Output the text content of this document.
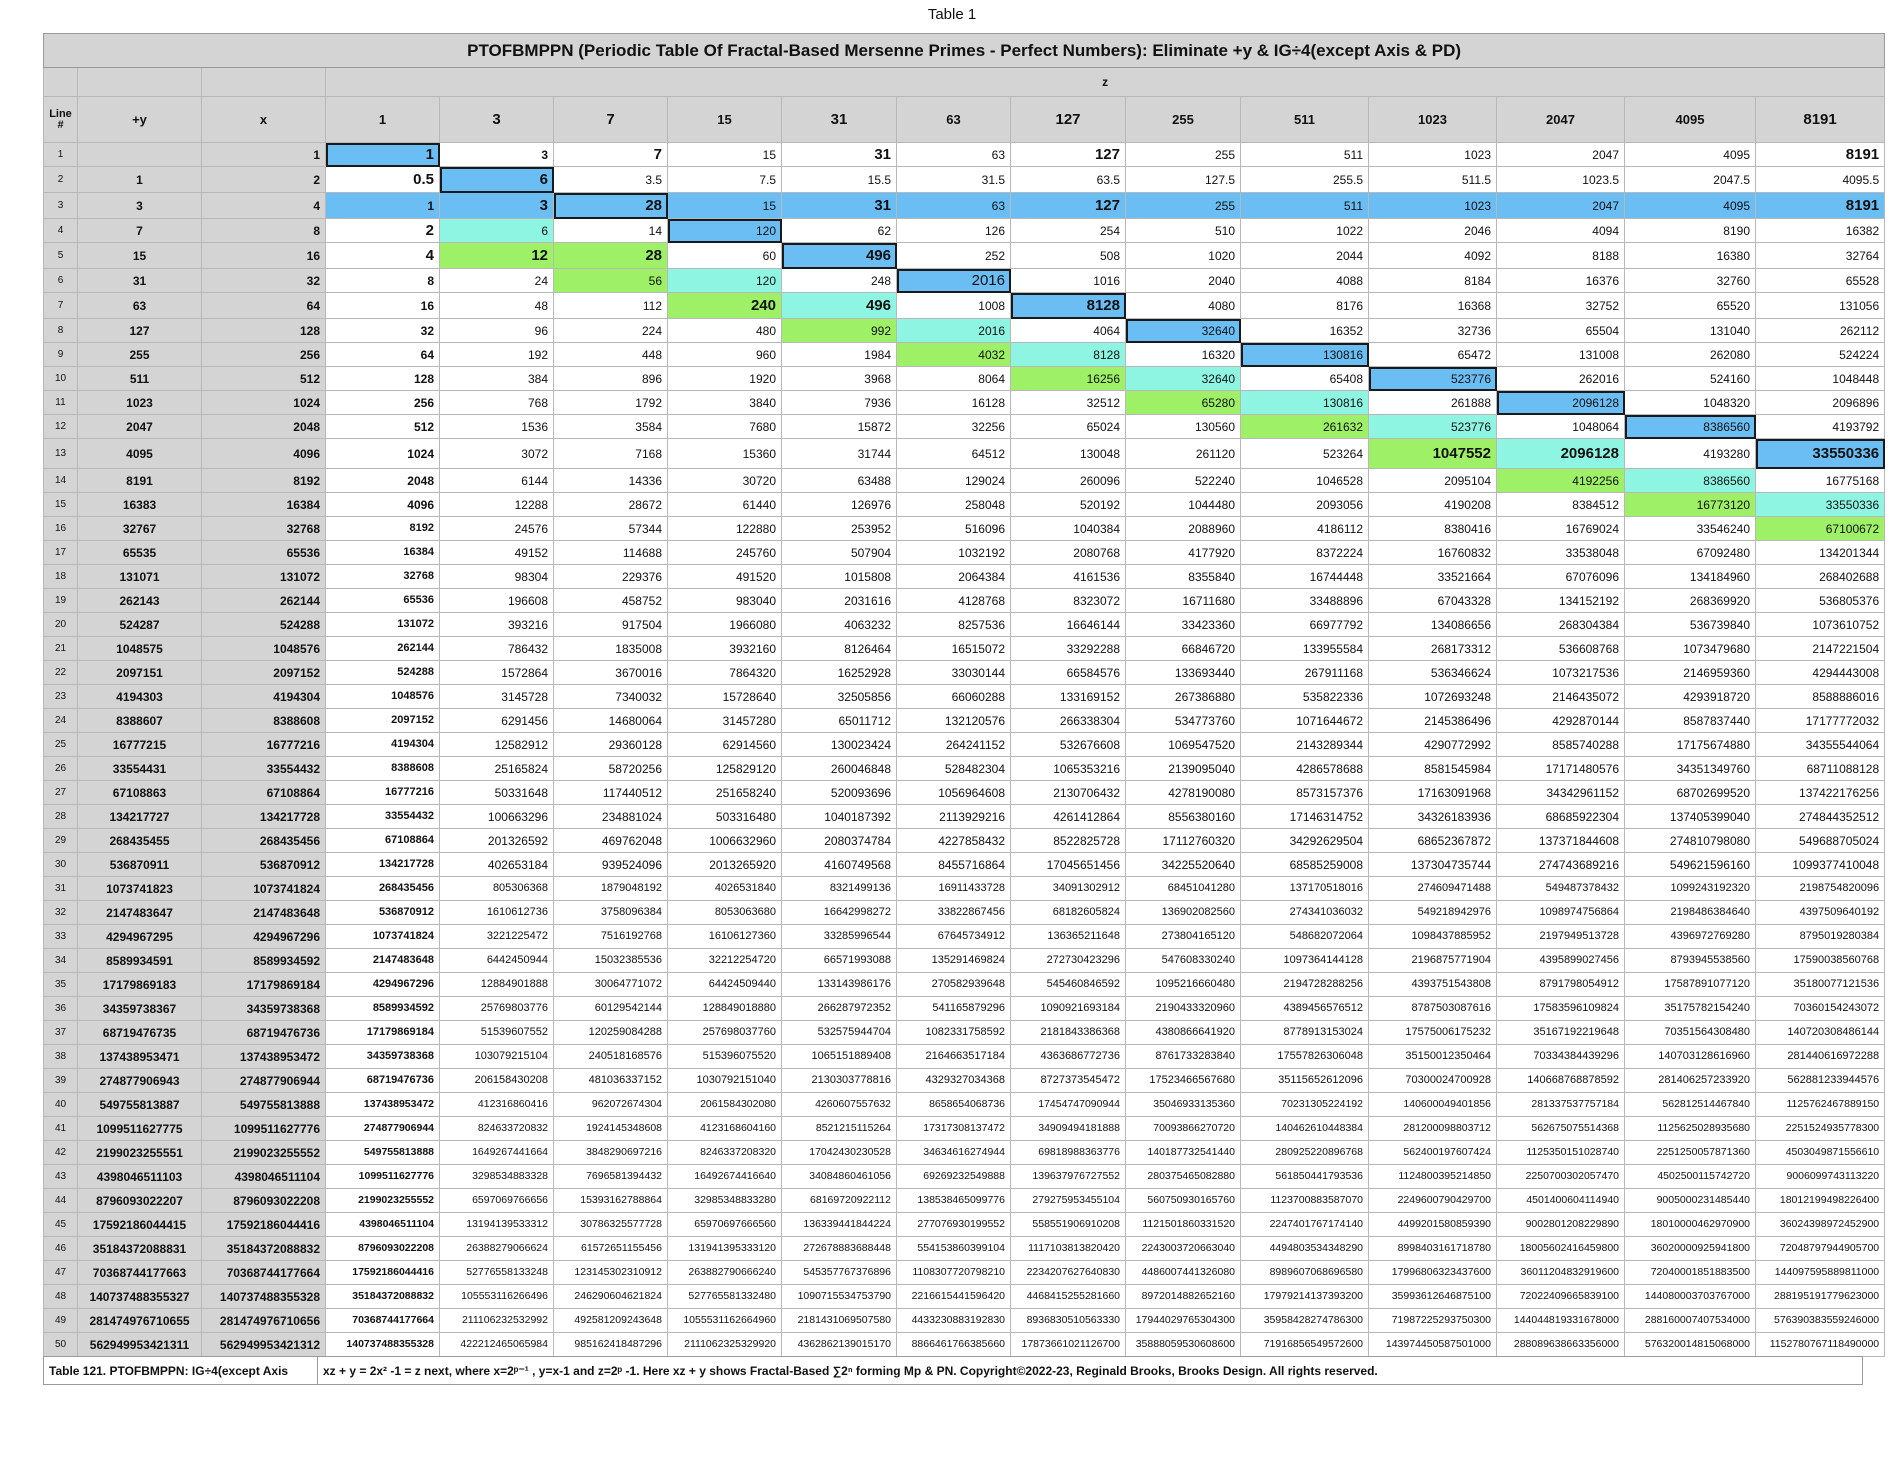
Table 1
PTOFBMPPN (Periodic Table Of Fractal-Based Mersenne Primes - Perfect Numbers): Eliminate +y & IG÷4(except Axis & PD)															
			z												
Line #	+y	x	1	3	7	15	31	63	127	255	511	1023	2047	4095	8191
1		1	1	3	7	15	31	63	127	255	511	1023	2047	4095	8191
2	1	2	0.5	6	3.5	7.5	15.5	31.5	63.5	127.5	255.5	511.5	1023.5	2047.5	4095.5
3	3	4	1	3	28	15	31	63	127	255	511	1023	2047	4095	8191
4	7	8	2	6	14	120	62	126	254	510	1022	2046	4094	8190	16382
5	15	16	4	12	28	60	496	252	508	1020	2044	4092	8188	16380	32764
6	31	32	8	24	56	120	248	2016	1016	2040	4088	8184	16376	32760	65528
7	63	64	16	48	112	240	496	1008	8128	4080	8176	16368	32752	65520	131056
8	127	128	32	96	224	480	992	2016	4064	32640	16352	32736	65504	131040	262112
9	255	256	64	192	448	960	1984	4032	8128	16320	130816	65472	131008	262080	524224
10	511	512	128	384	896	1920	3968	8064	16256	32640	65408	523776	262016	524160	1048448
11	1023	1024	256	768	1792	3840	7936	16128	32512	65280	130816	261888	2096128	1048320	2096896
12	2047	2048	512	1536	3584	7680	15872	32256	65024	130560	261632	523776	1048064	8386560	4193792
13	4095	4096	1024	3072	7168	15360	31744	64512	130048	261120	523264	1047552	2096128	4193280	33550336
14	8191	8192	2048	6144	14336	30720	63488	129024	260096	522240	1046528	2095104	4192256	8386560	16775168
15	16383	16384	4096	12288	28672	61440	126976	258048	520192	1044480	2093056	4190208	8384512	16773120	33550336
16	32767	32768	8192	24576	57344	122880	253952	516096	1040384	2088960	4186112	8380416	16769024	33546240	67100672
17	65535	65536	16384	49152	114688	245760	507904	1032192	2080768	4177920	8372224	16760832	33538048	67092480	134201344
18	131071	131072	32768	98304	229376	491520	1015808	2064384	4161536	8355840	16744448	33521664	67076096	134184960	268402688
19	262143	262144	65536	196608	458752	983040	2031616	4128768	8323072	16711680	33488896	67043328	134152192	268369920	536805376
20	524287	524288	131072	393216	917504	1966080	4063232	8257536	16646144	33423360	66977792	134086656	268304384	536739840	1073610752
21	1048575	1048576	262144	786432	1835008	3932160	8126464	16515072	33292288	66846720	133955584	268173312	536608768	1073479680	2147221504
22	2097151	2097152	524288	1572864	3670016	7864320	16252928	33030144	66584576	133693440	267911168	536346624	1073217536	2146959360	4294443008
23	4194303	4194304	1048576	3145728	7340032	15728640	32505856	66060288	133169152	267386880	535822336	1072693248	2146435072	4293918720	8588886016
24	8388607	8388608	2097152	6291456	14680064	31457280	65011712	132120576	266338304	534773760	1071644672	2145386496	4292870144	8587837440	17177772032
25	16777215	16777216	4194304	12582912	29360128	62914560	130023424	264241152	532676608	1069547520	2143289344	4290772992	8585740288	17175674880	34355544064
26	33554431	33554432	8388608	25165824	58720256	125829120	260046848	528482304	1065353216	2139095040	4286578688	8581545984	17171480576	34351349760	68711088128
27	67108863	67108864	16777216	50331648	117440512	251658240	520093696	1056964608	2130706432	4278190080	8573157376	17163091968	34342961152	68702699520	137422176256
28	134217727	134217728	33554432	100663296	234881024	503316480	1040187392	2113929216	4261412864	8556380160	17146314752	34326183936	68685922304	137405399040	274844352512
29	268435455	268435456	67108864	201326592	469762048	1006632960	2080374784	4227858432	8522825728	17112760320	34292629504	68652367872	137371844608	274810798080	549688705024
30	536870911	536870912	134217728	402653184	939524096	2013265920	4160749568	8455716864	17045651456	34225520640	68585259008	137304735744	274743689216	549621596160	1099377410048
31	1073741823	1073741824	268435456	805306368	1879048192	4026531840	8321499136	16911433728	34091302912	68451041280	137170518016	274609471488	549487378432	1099243192320	2198754820096
32	2147483647	2147483648	536870912	1610612736	3758096384	8053063680	16642998272	33822867456	68182605824	136902082560	274341036032	549218942976	1098974756864	2198486384640	4397509640192
33	4294967295	4294967296	1073741824	3221225472	7516192768	16106127360	33285996544	67645734912	136365211648	273804165120	548682072064	1098437885952	2197949513728	4396972769280	8795019280384
34	8589934591	8589934592	2147483648	6442450944	15032385536	32212254720	66571993088	135291469824	272730423296	547608330240	1097364144128	2196875771904	4395899027456	8793945538560	17590038560768
35	17179869183	17179869184	4294967296	12884901888	30064771072	64424509440	133143986176	270582939648	545460846592	1095216660480	2194728288256	4393751543808	8791798054912	17587891077120	35180077121536
36	34359738367	34359738368	8589934592	25769803776	60129542144	128849018880	266287972352	541165879296	1090921693184	2190433320960	4389456576512	8787503087616	17583596109824	35175782154240	70360154243072
37	68719476735	68719476736	17179869184	51539607552	120259084288	257698037760	532575944704	1082331758592	2181843386368	4380866641920	8778913153024	17575006175232	35167192219648	70351564308480	140720308486144
38	137438953471	137438953472	34359738368	103079215104	240518168576	515396075520	1065151889408	2164663517184	4363686772736	8761733283840	17557826306048	35150012350464	70334384439296	140703128616960	281440616972288
39	274877906943	274877906944	68719476736	206158430208	481036337152	1030792151040	2130303778816	4329327034368	8727373545472	17523466567680	35115652612096	70300024700928	140668768878592	281406257233920	562881233944576
40	549755813887	549755813888	137438953472	412316860416	962072674304	2061584302080	4260607557632	8658654068736	17454747090944	35046933135360	70231305224192	140600049401856	281337537757184	562812514467840	1125762467889150
41	1099511627775	1099511627776	274877906944	824633720832	1924145348608	4123168604160	8521215115264	17317308137472	34909494181888	70093866270720	140462610448384	281200098803712	562675075514368	1125625028935680	2251524935778300
42	2199023255551	2199023255552	549755813888	1649267441664	3848290697216	8246337208320	17042430230528	34634616274944	69818988363776	140187732541440	280925220896768	562400197607424	1125350151028740	2251250057871360	4503049871556610
43	4398046511103	4398046511104	1099511627776	3298534883328	7696581394432	16492674416640	34084860461056	69269232549888	139637976727552	280375465082880	561850441793536	1124800395214850	2250700302057470	4502500115742720	9006099743113220
44	8796093022207	8796093022208	2199023255552	6597069766656	15393162788864	32985348833280	68169720922112	138538465099776	279275953455104	560750930165760	1123700883587070	2249600790429700	4501400604114940	9005000231485440	18012199498226400
45	17592186044415	17592186044416	4398046511104	13194139533312	30786325577728	65970697666560	136339441844224	277076930199552	558551906910208	1121501860331520	2247401767174140	4499201580859390	9002801208229890	18010000462970900	36024398972452900
46	35184372088831	35184372088832	8796093022208	26388279066624	61572651155456	131941395333120	272678883688448	554153860399104	1117103813820420	2243003720663040	4494803534348290	8998403161718780	18005602416459800	36020000925941800	72048797944905700
47	70368744177663	70368744177664	17592186044416	52776558133248	123145302310912	263882790666240	545357767376896	1108307720798210	2234207627640830	4486007441326080	8989607068696580	17996806323437600	36011204832919600	72040001851883500	144097595889811000
48	140737488355327	140737488355328	35184372088832	105553116266496	246290604621824	527765581332480	1090715534753790	2216615441596420	4468415255281660	8972014882652160	17979214137393200	35993612646875100	72022409665839100	144080003703767000	288195191779623000
49	281474976710655	281474976710656	70368744177664	211106232532992	492581209243648	1055531162664960	2181431069507580	4433230883192830	8936830510563330	17944029765304300	35958428274786300	71987225293750300	144044819331678000	288160007407534000	576390383559246000
50	562949953421311	562949953421312	140737488355328	422212465065984	985162418487296	2111062325329920	4362862139015170	8866461766385660	17873661021126700	35888059530608600	71916856549572600	143974450587501000	288089638663356000	576320014815068000	1152780767118490000
Table 121. PTOFBMPPN: IG÷4(except Axis	xz + y = 2x² -1 = z next, where x=2ᵖ⁻¹ , y=x-1 and z=2ᵖ -1. Here xz + y shows Fractal-Based ∑2ⁿ forming Mp & PN. Copyright©2022-23, Reginald Brooks, Brooks Design. All rights reserved.
